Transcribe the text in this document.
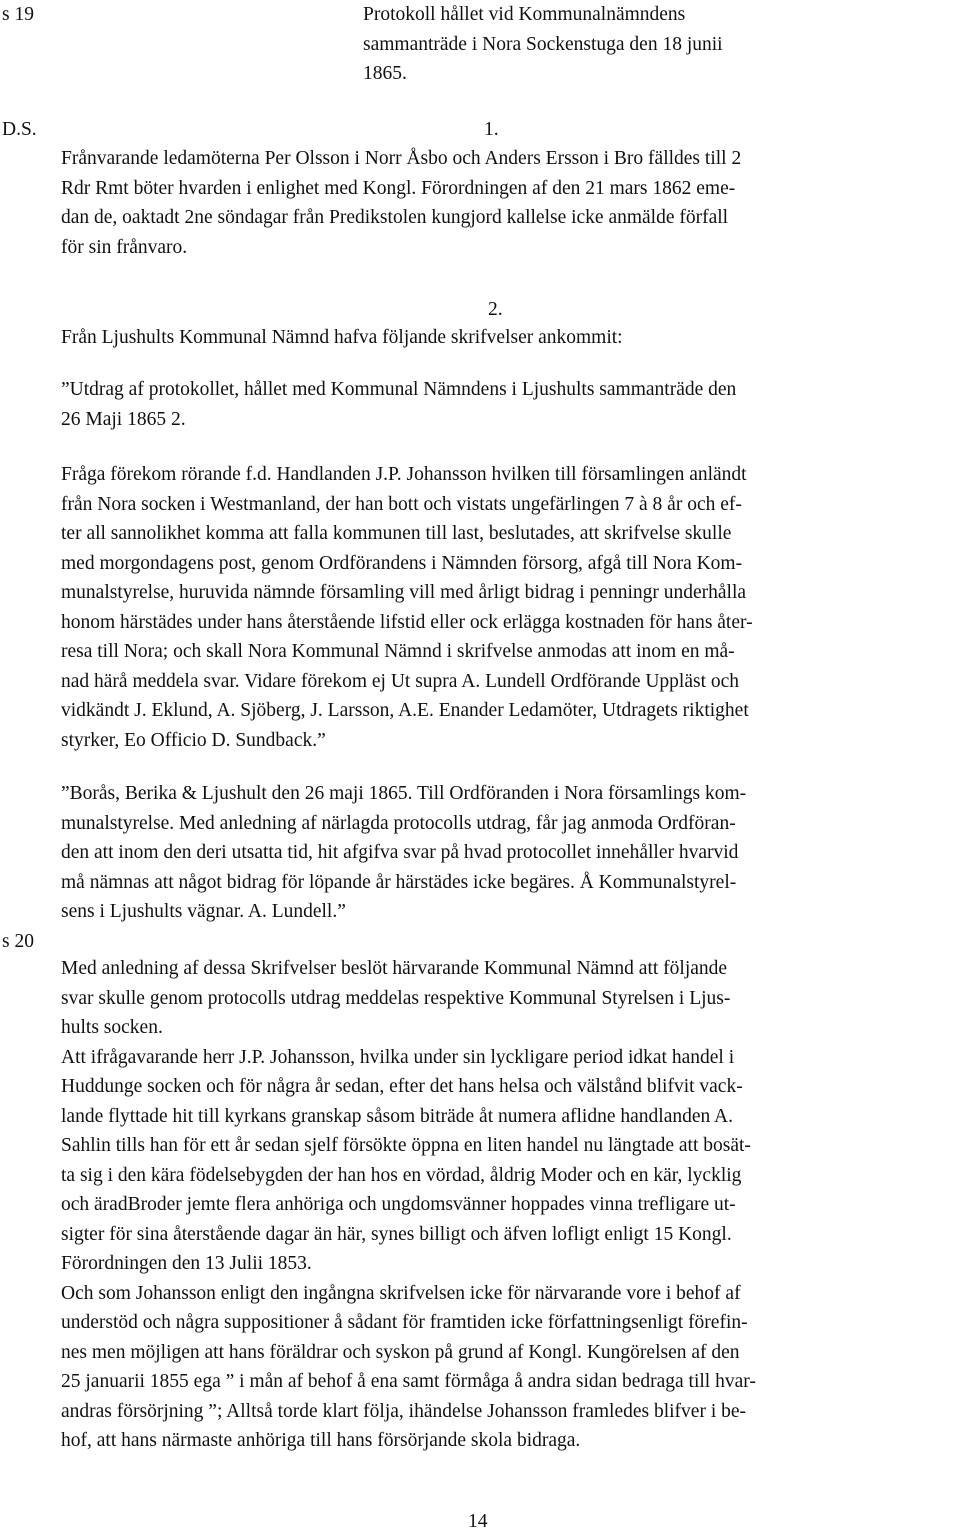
s 19
D.S.
s 20
Protokoll hållet vid Kommunalnämndens
sammanträde i Nora Sockenstuga den 18 junii
1865.
1.
Frånvarande ledamöterna Per Olsson i Norr Åsbo och Anders Ersson i Bro fälldes till 2
Rdr Rmt böter hvarden i enlighet med Kongl. Förordningen af den 21 mars 1862 eme-
dan de, oaktadt 2ne söndagar från Predikstolen kungjord kallelse icke anmälde förfall
för sin frånvaro.
2.
Från Ljushults Kommunal Nämnd hafva följande skrifvelser ankommit:
”Utdrag af protokollet, hållet med Kommunal Nämndens i Ljushults sammanträde den
26 Maji 1865 2.
Fråga förekom rörande f.d. Handlanden J.P. Johansson hvilken till församlingen anländt
från Nora socken i Westmanland, der han bott och vistats ungefärlingen 7 à 8 år och ef-
ter all sannolikhet komma att falla kommunen till last, beslutades, att skrifvelse skulle
med morgondagens post, genom Ordförandens i Nämnden försorg, afgå till Nora Kom-
munalstyrelse, huruvida nämnde församling vill med årligt bidrag i penningr underhålla
honom härstädes under hans återstående lifstid eller ock erlägga kostnaden för hans åter-
resa till Nora; och skall Nora Kommunal Nämnd i skrifvelse anmodas att inom en må-
nad härå meddela svar. Vidare förekom ej Ut supra A. Lundell Ordförande Uppläst och
vidkändt J. Eklund, A. Sjöberg, J. Larsson, A.E. Enander Ledamöter, Utdragets riktighet
styrker, Eo Officio D. Sundback.”
”Borås, Berika & Ljushult den 26 maji 1865. Till Ordföranden i Nora församlings kom-
munalstyrelse. Med anledning af närlagda protocolls utdrag, får jag anmoda Ordföran-
den att inom den deri utsatta tid, hit afgifva svar på hvad protocollet innehåller hvarvid
må nämnas att något bidrag för löpande år härstädes icke begäres. Å Kommunalstyrel-
sens i Ljushults vägnar. A. Lundell.”
Med anledning af dessa Skrifvelser beslöt härvarande Kommunal Nämnd att följande
svar skulle genom protocolls utdrag meddelas respektive Kommunal Styrelsen i Ljus-
hults socken.
Att ifrågavarande herr J.P. Johansson, hvilka under sin lyckligare period idkat handel i
Huddunge socken och för några år sedan, efter det hans helsa och välstånd blifvit vack-
lande flyttade hit till kyrkans granskap såsom biträde åt numera aflidne handlanden A.
Sahlin tills han för ett år sedan sjelf försökte öppna en liten handel nu längtade att bosät-
ta sig i den kära födelsebygden der han hos en vördad, åldrig Moder och en kär, lycklig
och äradBroder jemte flera anhöriga och ungdomsvänner hoppades vinna trefligare ut-
sigter för sina återstående dagar än här, synes billigt och äfven lofligt enligt 15 Kongl.
Förordningen den 13 Julii 1853.
Och som Johansson enligt den ingångna skrifvelsen icke för närvarande vore i behof af
understöd och några suppositioner å sådant för framtiden icke författningsenligt förefin-
nes men möjligen att hans föräldrar och syskon på grund af Kongl. Kungörelsen af den
25 januarii 1855 ega ” i mån af behof å ena samt förmåga å andra sidan bedraga till hvar-
andras försörjning ”; Alltså torde klart följa, ihändelse Johansson framledes blifver i be-
hof, att hans närmaste anhöriga till hans försörjande skola bidraga.
14
